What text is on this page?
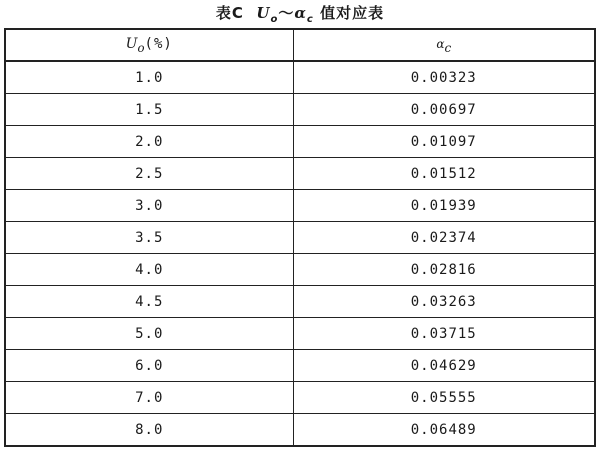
表C $U_o\sim\alpha_c$ 值对应表
$U_o(\%)$	$\alpha_c$
1.0	0.00323
1.5	0.00697
2.0	0.01097
2.5	0.01512
3.0	0.01939
3.5	0.02374
4.0	0.02816
4.5	0.03263
5.0	0.03715
6.0	0.04629
7.0	0.05555
8.0	0.06489
